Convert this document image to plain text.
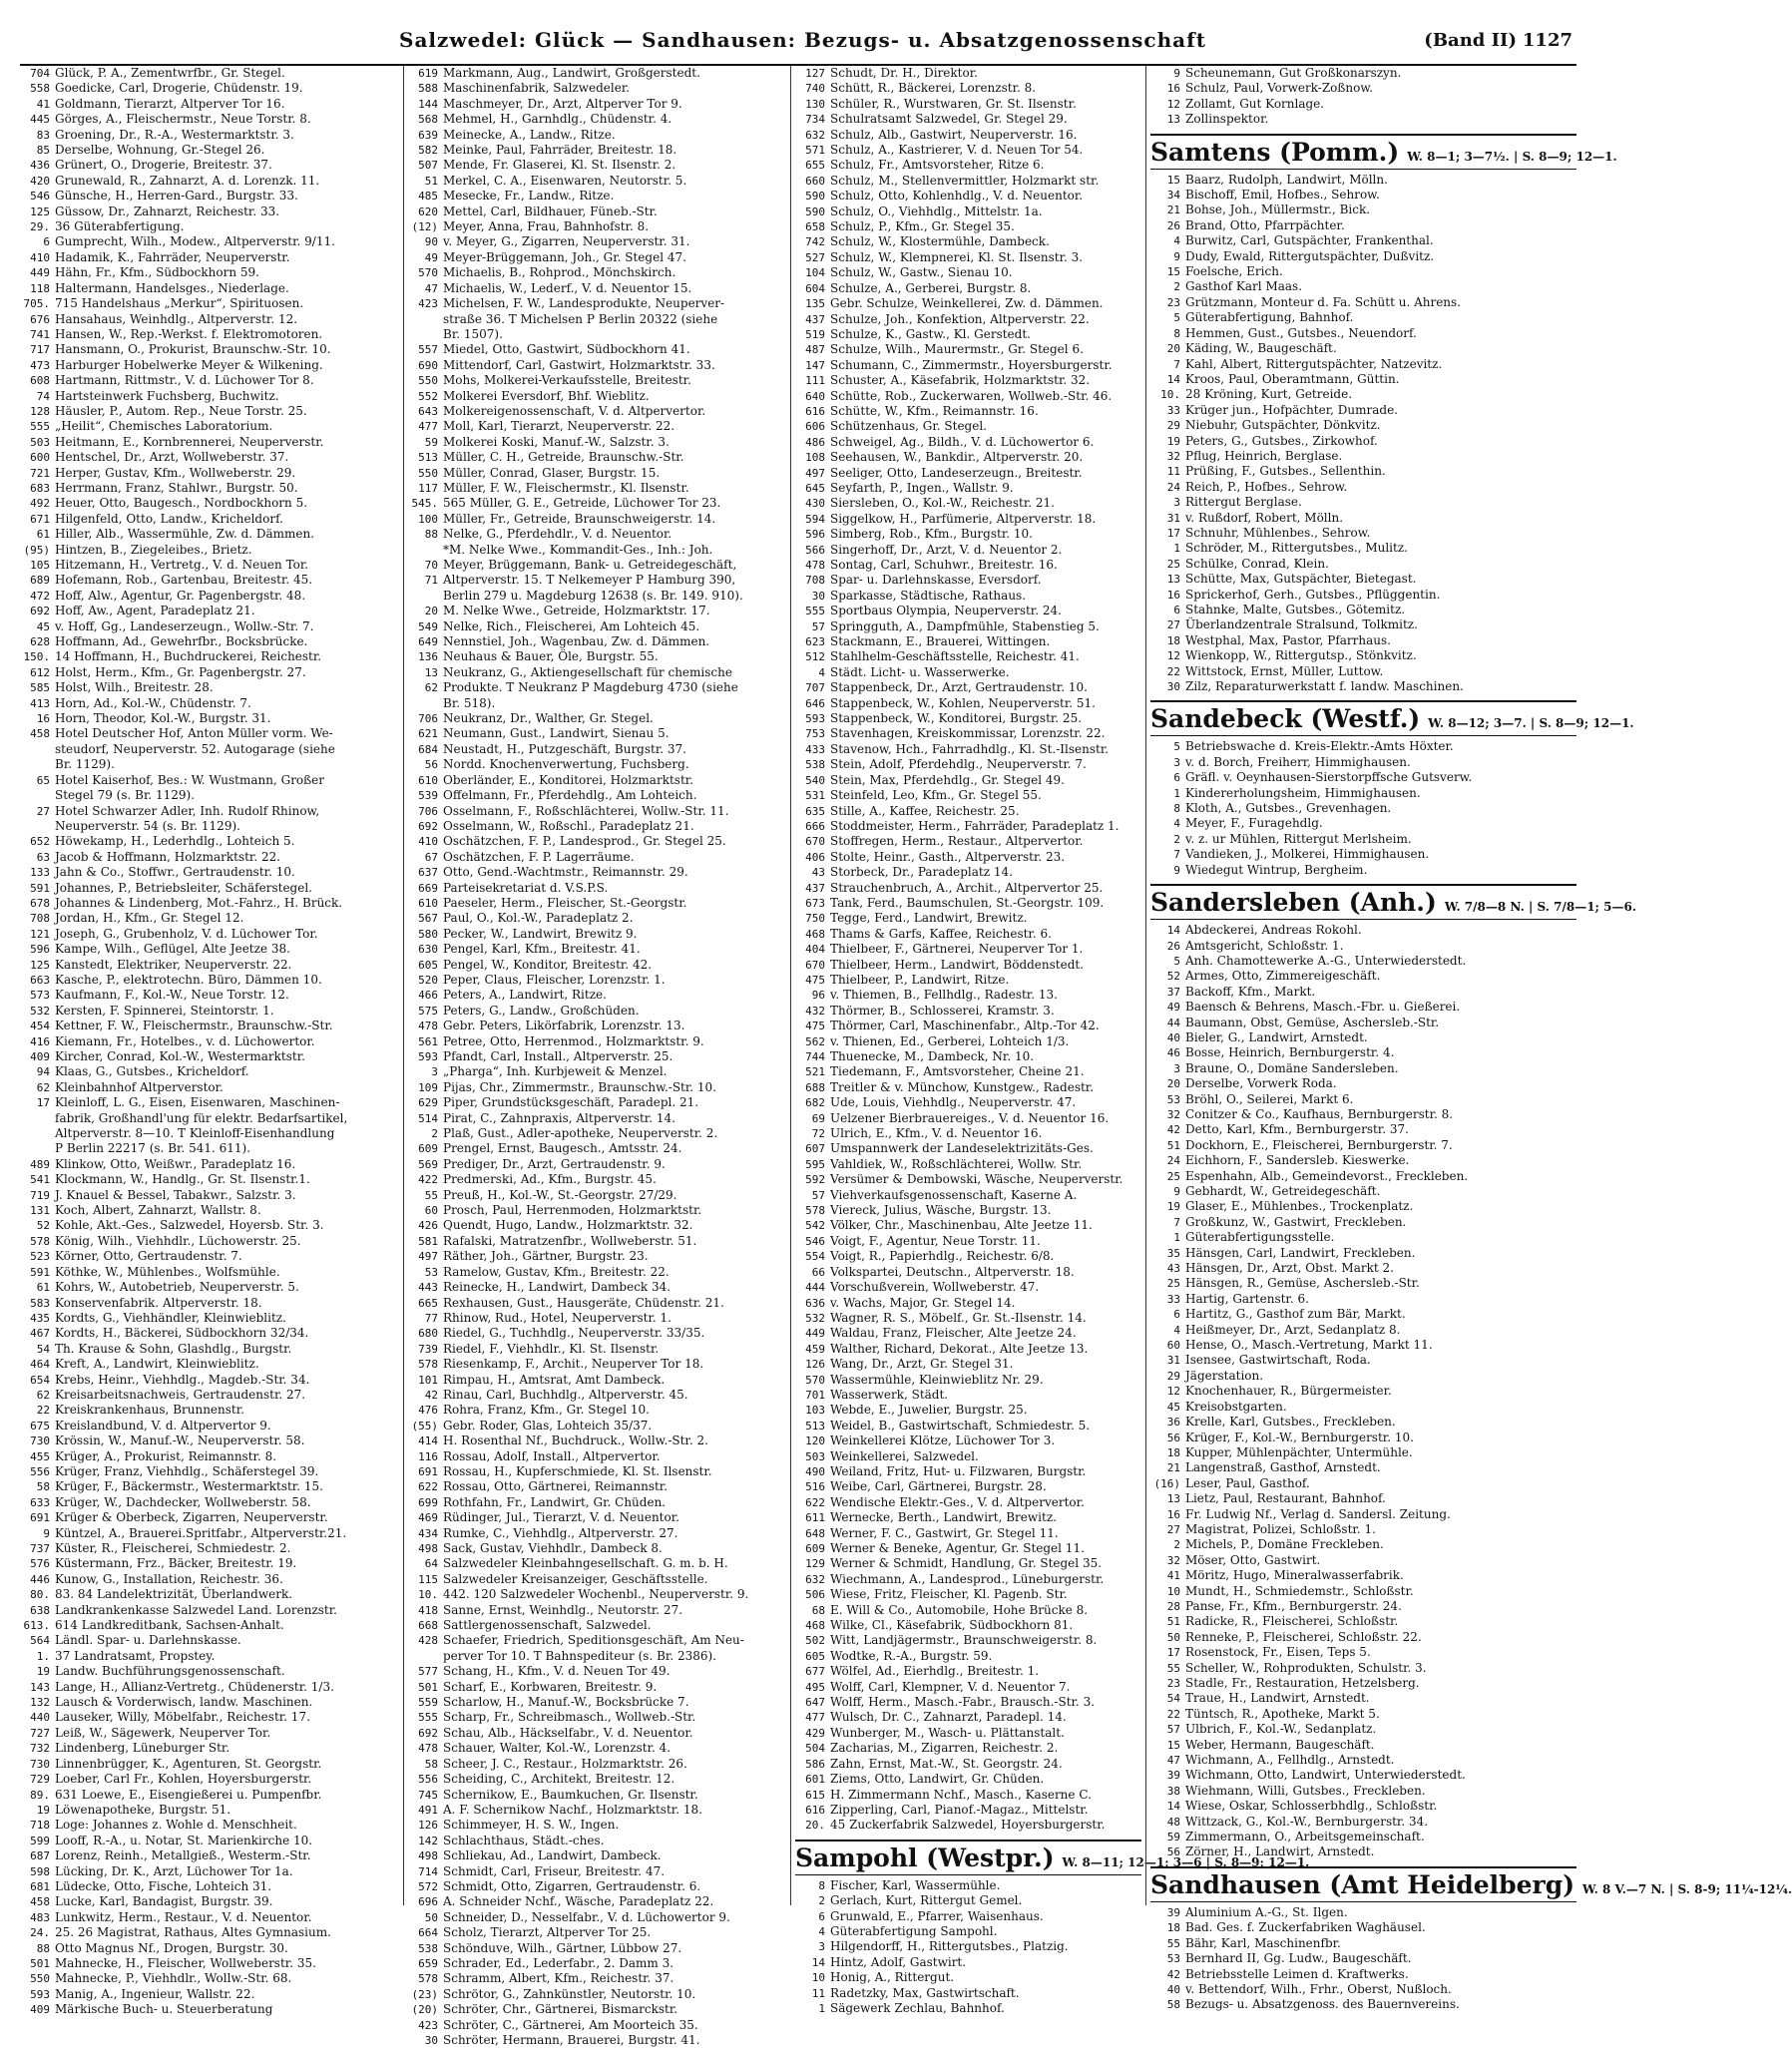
Salzwedel: Glück — Sandhausen: Bezugs- u. Absatzgenossenschaft	(Band II) 1127
704 Glück, P. A., Zementwrfbr., Gr. Stegel.
558 Goedicke, Carl, Drogerie, Chüdenstr. 19.
41 Goldmann, Tierarzt, Altperver Tor 16.
445 Görges, A., Fleischermstr., Neue Torstr. 8.
83 Groening, Dr., R.-A., Westermarktstr. 3.
85 Derselbe, Wohnung, Gr.-Stegel 26.
436 Grünert, O., Drogerie, Breitestr. 37.
420 Grunewald, R., Zahnarzt, A. d. Lorenzk. 11.
546 Günsche, H., Herren-Gard., Burgstr. 33.
125 Güssow, Dr., Zahnarzt, Reichestr. 33.
29. 36 Güterabfertigung.
6 Gumprecht, Wilh., Modew., Altperverstr. 9/11.
410 Hadamik, K., Fahrräder, Neuperverstr.
449 Hähn, Fr., Kfm., Südbockhorn 59.
118 Haltermann, Handelsges., Niederlage.
705. 715 Handelshaus „Merkur“, Spirituosen.
676 Hansahaus, Weinhdlg., Altperverstr. 12.
741 Hansen, W., Rep.-Werkst. f. Elektromotoren.
717 Hansmann, O., Prokurist, Braunschw.-Str. 10.
473 Harburger Hobelwerke Meyer & Wilkening.
608 Hartmann, Rittmstr., V. d. Lüchower Tor 8.
74 Hartsteinwerk Fuchsberg, Buchwitz.
128 Häusler, P., Autom. Rep., Neue Torstr. 25.
555 „Heilit“, Chemisches Laboratorium.
503 Heitmann, E., Kornbrennerei, Neuperverstr.
600 Hentschel, Dr., Arzt, Wollweberstr. 37.
721 Herper, Gustav, Kfm., Wollweberstr. 29.
683 Herrmann, Franz, Stahlwr., Burgstr. 50.
492 Heuer, Otto, Baugesch., Nordbockhorn 5.
671 Hilgenfeld, Otto, Landw., Kricheldorf.
61 Hiller, Alb., Wassermühle, Zw. d. Dämmen.
(95) Hintzen, B., Ziegeleibes., Brietz.
105 Hitzemann, H., Vertretg., V. d. Neuen Tor.
689 Hofemann, Rob., Gartenbau, Breitestr. 45.
472 Hoff, Alw., Agentur, Gr. Pagenbergstr. 48.
692 Hoff, Aw., Agent, Paradeplatz 21.
45 v. Hoff, Gg., Landeserzeugn., Wollw.-Str. 7.
628 Hoffmann, Ad., Gewehrfbr., Bocksbrücke.
150. 14 Hoffmann, H., Buchdruckerei, Reichestr.
612 Holst, Herm., Kfm., Gr. Pagenbergstr. 27.
585 Holst, Wilh., Breitestr. 28.
413 Horn, Ad., Kol.-W., Chüdenstr. 7.
16 Horn, Theodor, Kol.-W., Burgstr. 31.
458 Hotel Deutscher Hof, Anton Müller vorm. We-
steudorf, Neuperverstr. 52. Autogarage (siehe
Br. 1129).
65 Hotel Kaiserhof, Bes.: W. Wustmann, Großer
Stegel 79 (s. Br. 1129).
27 Hotel Schwarzer Adler, Inh. Rudolf Rhinow,
Neuperverstr. 54 (s. Br. 1129).
652 Höwekamp, H., Lederhdlg., Lohteich 5.
63 Jacob & Hoffmann, Holzmarktstr. 22.
133 Jahn & Co., Stoffwr., Gertraudenstr. 10.
591 Johannes, P., Betriebsleiter, Schäferstegel.
678 Johannes & Lindenberg, Mot.-Fahrz., H. Brück.
708 Jordan, H., Kfm., Gr. Stegel 12.
121 Joseph, G., Grubenholz, V. d. Lüchower Tor.
596 Kampe, Wilh., Geflügel, Alte Jeetze 38.
125 Kanstedt, Elektriker, Neuperverstr. 22.
663 Kasche, P., elektrotechn. Büro, Dämmen 10.
573 Kaufmann, F., Kol.-W., Neue Torstr. 12.
532 Kersten, F. Spinnerei, Steintorstr. 1.
454 Kettner, F. W., Fleischermstr., Braunschw.-Str.
416 Kiemann, Fr., Hotelbes., v. d. Lüchowertor.
409 Kircher, Conrad, Kol.-W., Westermarktstr.
94 Klaas, G., Gutsbes., Kricheldorf.
62 Kleinbahnhof Altperverstor.
17 Kleinloff, L. G., Eisen, Eisenwaren, Maschinen-
fabrik, Großhandl'ung für elektr. Bedarfsartikel,
Altperverstr. 8—10. T Kleinloff-Eisenhandlung
P Berlin 22217 (s. Br. 541. 611).
489 Klinkow, Otto, Weißwr., Paradeplatz 16.
541 Klockmann, W., Handlg., Gr. St. Ilsenstr.1.
719 J. Knauel & Bessel, Tabakwr., Salzstr. 3.
131 Koch, Albert, Zahnarzt, Wallstr. 8.
52 Kohle, Akt.-Ges., Salzwedel, Hoyersb. Str. 3.
578 König, Wilh., Viehhdlr., Lüchowerstr. 25.
523 Körner, Otto, Gertraudenstr. 7.
591 Köthke, W., Mühlenbes., Wolfsmühle.
61 Kohrs, W., Autobetrieb, Neuperverstr. 5.
583 Konservenfabrik. Altperverstr. 18.
435 Kordts, G., Viehhändler, Kleinwieblitz.
467 Kordts, H., Bäckerei, Südbockhorn 32/34.
54 Th. Krause & Sohn, Glashdlg., Burgstr.
464 Kreft, A., Landwirt, Kleinwieblitz.
654 Krebs, Heinr., Viehhdlg., Magdeb.-Str. 34.
62 Kreisarbeitsnachweis, Gertraudenstr. 27.
22 Kreiskrankenhaus, Brunnenstr.
675 Kreislandbund, V. d. Altpervertor 9.
730 Krössin, W., Manuf.-W., Neuperverstr. 58.
455 Krüger, A., Prokurist, Reimannstr. 8.
556 Krüger, Franz, Viehhdlg., Schäferstegel 39.
58 Krüger, F., Bäckermstr., Westermarktstr. 15.
633 Krüger, W., Dachdecker, Wollweberstr. 58.
691 Krüger & Oberbeck, Zigarren, Neuperverstr.
9 Küntzel, A., Brauerei.Spritfabr., Altperverstr.21.
737 Küster, R., Fleischerei, Schmiedestr. 2.
576 Küstermann, Frz., Bäcker, Breitestr. 19.
446 Kunow, G., Installation, Reichestr. 36.
80. 83. 84 Landelektrizität, Überlandwerk.
638 Landkrankenkasse Salzwedel Land. Lorenzstr.
613. 614 Landkreditbank, Sachsen-Anhalt.
564 Ländl. Spar- u. Darlehnskasse.
1. 37 Landratsamt, Propstey.
19 Landw. Buchführungsgenossenschaft.
143 Lange, H., Allianz-Vertretg., Chüdenerstr. 1/3.
132 Lausch & Vorderwisch, landw. Maschinen.
440 Lauseker, Willy, Möbelfabr., Reichestr. 17.
727 Leiß, W., Sägewerk, Neuperver Tor.
732 Lindenberg, Lüneburger Str.
730 Linnenbrügger, K., Agenturen, St. Georgstr.
729 Loeber, Carl Fr., Kohlen, Hoyersburgerstr.
89. 631 Loewe, E., Eisengießerei u. Pumpenfbr.
19 Löwenapotheke, Burgstr. 51.
718 Loge: Johannes z. Wohle d. Menschheit.
599 Looff, R.-A., u. Notar, St. Marienkirche 10.
687 Lorenz, Reinh., Metallgieß., Westerm.-Str.
598 Lücking, Dr. K., Arzt, Lüchower Tor 1a.
681 Lüdecke, Otto, Fische, Lohteich 31.
458 Lucke, Karl, Bandagist, Burgstr. 39.
483 Lunkwitz, Herm., Restaur., V. d. Neuentor.
24. 25. 26 Magistrat, Rathaus, Altes Gymnasium.
88 Otto Magnus Nf., Drogen, Burgstr. 30.
501 Mahnecke, H., Fleischer, Wollweberstr. 35.
550 Mahnecke, P., Viehhdlr., Wollw.-Str. 68.
593 Manig, A., Ingenieur, Wallstr. 22.
409 Märkische Buch- u. Steuerberatung
619 Markmann, Aug., Landwirt, Großgerstedt.
588 Maschinenfabrik, Salzwedeler.
144 Maschmeyer, Dr., Arzt, Altperver Tor 9.
568 Mehmel, H., Garnhdlg., Chüdenstr. 4.
639 Meinecke, A., Landw., Ritze.
582 Meinke, Paul, Fahrräder, Breitestr. 18.
507 Mende, Fr. Glaserei, Kl. St. Ilsenstr. 2.
51 Merkel, C. A., Eisenwaren, Neutorstr. 5.
485 Mesecke, Fr., Landw., Ritze.
620 Mettel, Carl, Bildhauer, Füneb.-Str.
(12) Meyer, Anna, Frau, Bahnhofstr. 8.
90 v. Meyer, G., Zigarren, Neuperverstr. 31.
49 Meyer-Brüggemann, Joh., Gr. Stegel 47.
570 Michaelis, B., Rohprod., Mönchskirch.
47 Michaelis, W., Lederf., V. d. Neuentor 15.
423 Michelsen, F. W., Landesprodukte, Neuperver-
straße 36. T Michelsen P Berlin 20322 (siehe
Br. 1507).
557 Miedel, Otto, Gastwirt, Südbockhorn 41.
690 Mittendorf, Carl, Gastwirt, Holzmarktstr. 33.
550 Mohs, Molkerei-Verkaufsstelle, Breitestr.
552 Molkerei Eversdorf, Bhf. Wieblitz.
643 Molkereigenossenschaft, V. d. Altpervertor.
477 Moll, Karl, Tierarzt, Neuperverstr. 22.
59 Molkerei Koski, Manuf.-W., Salzstr. 3.
513 Müller, C. H., Getreide, Braunschw.-Str.
550 Müller, Conrad, Glaser, Burgstr. 15.
117 Müller, F. W., Fleischermstr., Kl. Ilsenstr.
545. 565 Müller, G. E., Getreide, Lüchower Tor 23.
100 Müller, Fr., Getreide, Braunschweigerstr. 14.
88 Nelke, G., Pferdehdlr., V. d. Neuentor.
*M. Nelke Wwe., Kommandit-Ges., Inh.: Joh.
70 Meyer, Brüggemann, Bank- u. Getreidegeschäft,
71 Altperverstr. 15. T Nelkemeyer P Hamburg 390,
Berlin 279 u. Magdeburg 12638 (s. Br. 149. 910).
20 M. Nelke Wwe., Getreide, Holzmarktstr. 17.
549 Nelke, Rich., Fleischerei, Am Lohteich 45.
649 Nennstiel, Joh., Wagenbau, Zw. d. Dämmen.
136 Neuhaus & Bauer, Öle, Burgstr. 55.
13 Neukranz, G., Aktiengesellschaft für chemische
62 Produkte. T Neukranz P Magdeburg 4730 (siehe
Br. 518).
706 Neukranz, Dr., Walther, Gr. Stegel.
621 Neumann, Gust., Landwirt, Sienau 5.
684 Neustadt, H., Putzgeschäft, Burgstr. 37.
56 Nordd. Knochenverwertung, Fuchsberg.
610 Oberländer, E., Konditorei, Holzmarktstr.
539 Offelmann, Fr., Pferdehdlg., Am Lohteich.
706 Osselmann, F., Roßschlächterei, Wollw.-Str. 11.
692 Osselmann, W., Roßschl., Paradeplatz 21.
410 Oschätzchen, F. P., Landesprod., Gr. Stegel 25.
67 Oschätzchen, F. P. Lagerräume.
637 Otto, Gend.-Wachtmstr., Reimannstr. 29.
669 Parteisekretariat d. V.S.P.S.
610 Paeseler, Herm., Fleischer, St.-Georgstr.
567 Paul, O., Kol.-W., Paradeplatz 2.
580 Pecker, W., Landwirt, Brewitz 9.
630 Pengel, Karl, Kfm., Breitestr. 41.
605 Pengel, W., Konditor, Breitestr. 42.
520 Peper, Claus, Fleischer, Lorenzstr. 1.
466 Peters, A., Landwirt, Ritze.
575 Peters, G., Landw., Großchüden.
478 Gebr. Peters, Likörfabrik, Lorenzstr. 13.
561 Petree, Otto, Herrenmod., Holzmarktstr. 9.
593 Pfandt, Carl, Install., Altperverstr. 25.
3 „Pharga“, Inh. Kurbjeweit & Menzel.
109 Pijas, Chr., Zimmermstr., Braunschw.-Str. 10.
629 Piper, Grundstücksgeschäft, Paradepl. 21.
514 Pirat, C., Zahnpraxis, Altperverstr. 14.
2 Plaß, Gust., Adler-apotheke, Neuperverstr. 2.
609 Prengel, Ernst, Baugesch., Amtsstr. 24.
569 Prediger, Dr., Arzt, Gertraudenstr. 9.
422 Predmerski, Ad., Kfm., Burgstr. 45.
55 Preuß, H., Kol.-W., St.-Georgstr. 27/29.
60 Prosch, Paul, Herrenmoden, Holzmarktstr.
426 Quendt, Hugo, Landw., Holzmarktstr. 32.
581 Rafalski, Matratzenfbr., Wollweberstr. 51.
497 Räther, Joh., Gärtner, Burgstr. 23.
53 Ramelow, Gustav, Kfm., Breitestr. 22.
443 Reinecke, H., Landwirt, Dambeck 34.
665 Rexhausen, Gust., Hausgeräte, Chüdenstr. 21.
77 Rhinow, Rud., Hotel, Neuperverstr. 1.
680 Riedel, G., Tuchhdlg., Neuperverstr. 33/35.
739 Riedel, F., Viehhdlr., Kl. St. Ilsenstr.
578 Riesenkamp, F., Archit., Neuperver Tor 18.
101 Rimpau, H., Amtsrat, Amt Dambeck.
42 Rinau, Carl, Buchhdlg., Altperverstr. 45.
476 Rohra, Franz, Kfm., Gr. Stegel 10.
(55) Gebr. Roder, Glas, Lohteich 35/37.
414 H. Rosenthal Nf., Buchdruck., Wollw.-Str. 2.
116 Rossau, Adolf, Install., Altpervertor.
691 Rossau, H., Kupferschmiede, Kl. St. Ilsenstr.
622 Rossau, Otto, Gärtnerei, Reimannstr.
699 Rothfahn, Fr., Landwirt, Gr. Chüden.
469 Rüdinger, Jul., Tierarzt, V. d. Neuentor.
434 Rumke, C., Viehhdlg., Altperverstr. 27.
498 Sack, Gustav, Viehhdlr., Dambeck 8.
64 Salzwedeler Kleinbahngesellschaft. G. m. b. H.
115 Salzwedeler Kreisanzeiger, Geschäftsstelle.
10. 442. 120 Salzwedeler Wochenbl., Neuperverstr. 9.
418 Sanne, Ernst, Weinhdlg., Neutorstr. 27.
668 Sattlergenossenschaft, Salzwedel.
428 Schaefer, Friedrich, Speditionsgeschäft, Am Neu-
perver Tor 10. T Bahnspediteur (s. Br. 2386).
577 Schang, H., Kfm., V. d. Neuen Tor 49.
501 Scharf, E., Korbwaren, Breitestr. 9.
559 Scharlow, H., Manuf.-W., Bocksbrücke 7.
555 Scharp, Fr., Schreibmasch., Wollweb.-Str.
692 Schau, Alb., Häckselfabr., V. d. Neuentor.
478 Schauer, Walter, Kol.-W., Lorenzstr. 4.
58 Scheer, J. C., Restaur., Holzmarktstr. 26.
556 Scheiding, C., Architekt, Breitestr. 12.
745 Schernikow, E., Baumkuchen, Gr. Ilsenstr.
491 A. F. Schernikow Nachf., Holzmarktstr. 18.
126 Schimmeyer, H. S. W., Ingen.
142 Schlachthaus, Städt.-ches.
498 Schliekau, Ad., Landwirt, Dambeck.
714 Schmidt, Carl, Friseur, Breitestr. 47.
572 Schmidt, Otto, Zigarren, Gertraudenstr. 6.
696 A. Schneider Nchf., Wäsche, Paradeplatz 22.
50 Schneider, D., Nesselfabr., V. d. Lüchowertor 9.
664 Scholz, Tierarzt, Altperver Tor 25.
538 Schönduve, Wilh., Gärtner, Lübbow 27.
659 Schrader, Ed., Lederfabr., 2. Damm 3.
578 Schramm, Albert, Kfm., Reichestr. 37.
(23) Schrötor, G., Zahnkünstler, Neutorstr. 10.
(20) Schröter, Chr., Gärtnerei, Bismarckstr.
423 Schröter, C., Gärtnerei, Am Moorteich 35.
30 Schröter, Hermann, Brauerei, Burgstr. 41.
127 Schudt, Dr. H., Direktor.
740 Schütt, R., Bäckerei, Lorenzstr. 8.
130 Schüler, R., Wurstwaren, Gr. St. Ilsenstr.
734 Schulratsamt Salzwedel, Gr. Stegel 29.
632 Schulz, Alb., Gastwirt, Neuperverstr. 16.
571 Schulz, A., Kastrierer, V. d. Neuen Tor 54.
655 Schulz, Fr., Amtsvorsteher, Ritze 6.
660 Schulz, M., Stellenvermittler, Holzmarkt str.
590 Schulz, Otto, Kohlenhdlg., V. d. Neuentor.
590 Schulz, O., Viehhdlg., Mittelstr. 1a.
658 Schulz, P., Kfm., Gr. Stegel 35.
742 Schulz, W., Klostermühle, Dambeck.
527 Schulz, W., Klempnerei, Kl. St. Ilsenstr. 3.
104 Schulz, W., Gastw., Sienau 10.
604 Schulze, A., Gerberei, Burgstr. 8.
135 Gebr. Schulze, Weinkellerei, Zw. d. Dämmen.
437 Schulze, Joh., Konfektion, Altperverstr. 22.
519 Schulze, K., Gastw., Kl. Gerstedt.
487 Schulze, Wilh., Maurermstr., Gr. Stegel 6.
147 Schumann, C., Zimmermstr., Hoyersburgerstr.
111 Schuster, A., Käsefabrik, Holzmarktstr. 32.
640 Schütte, Rob., Zuckerwaren, Wollweb.-Str. 46.
616 Schütte, W., Kfm., Reimannstr. 16.
606 Schützenhaus, Gr. Stegel.
486 Schweigel, Ag., Bildh., V. d. Lüchowertor 6.
108 Seehausen, W., Bankdir., Altperverstr. 20.
497 Seeliger, Otto, Landeserzeugn., Breitestr.
645 Seyfarth, P., Ingen., Wallstr. 9.
430 Siersleben, O., Kol.-W., Reichestr. 21.
594 Siggelkow, H., Parfümerie, Altperverstr. 18.
596 Simberg, Rob., Kfm., Burgstr. 10.
566 Singerhoff, Dr., Arzt, V. d. Neuentor 2.
478 Sontag, Carl, Schuhwr., Breitestr. 16.
708 Spar- u. Darlehnskasse, Eversdorf.
30 Sparkasse, Städtische, Rathaus.
555 Sportbaus Olympia, Neuperverstr. 24.
57 Springguth, A., Dampfmühle, Stabenstieg 5.
623 Stackmann, E., Brauerei, Wittingen.
512 Stahlhelm-Geschäftsstelle, Reichestr. 41.
4 Städt. Licht- u. Wasserwerke.
707 Stappenbeck, Dr., Arzt, Gertraudenstr. 10.
646 Stappenbeck, W., Kohlen, Neuperverstr. 51.
593 Stappenbeck, W., Konditorei, Burgstr. 25.
753 Stavenhagen, Kreiskommissar, Lorenzstr. 22.
433 Stavenow, Hch., Fahrradhdlg., Kl. St.-Ilsenstr.
538 Stein, Adolf, Pferdehdlg., Neuperverstr. 7.
540 Stein, Max, Pferdehdlg., Gr. Stegel 49.
531 Steinfeld, Leo, Kfm., Gr. Stegel 55.
635 Stille, A., Kaffee, Reichestr. 25.
666 Stoddmeister, Herm., Fahrräder, Paradeplatz 1.
670 Stoffregen, Herm., Restaur., Altpervertor.
406 Stolte, Heinr., Gasth., Altperverstr. 23.
43 Storbeck, Dr., Paradeplatz 14.
437 Strauchenbruch, A., Archit., Altpervertor 25.
673 Tank, Ferd., Baumschulen, St.-Georgstr. 109.
750 Tegge, Ferd., Landwirt, Brewitz.
468 Thams & Garfs, Kaffee, Reichestr. 6.
404 Thielbeer, F., Gärtnerei, Neuperver Tor 1.
670 Thielbeer, Herm., Landwirt, Böddenstedt.
475 Thielbeer, P., Landwirt, Ritze.
96 v. Thiemen, B., Fellhdlg., Radestr. 13.
432 Thörmer, B., Schlosserei, Kramstr. 3.
475 Thörmer, Carl, Maschinenfabr., Altp.-Tor 42.
562 v. Thienen, Ed., Gerberei, Lohteich 1/3.
744 Thuenecke, M., Dambeck, Nr. 10.
521 Tiedemann, F., Amtsvorsteher, Cheine 21.
688 Treitler & v. Münchow, Kunstgew., Radestr.
682 Ude, Louis, Viehhdlg., Neuperverstr. 47.
69 Uelzener Bierbrauereiges., V. d. Neuentor 16.
72 Ulrich, E., Kfm., V. d. Neuentor 16.
607 Umspannwerk der Landeselektrizitäts-Ges.
595 Vahldiek, W., Roßschlächterei, Wollw. Str.
592 Versümer & Dembowski, Wäsche, Neuperverstr.
57 Viehverkaufsgenossenschaft, Kaserne A.
578 Viereck, Julius, Wäsche, Burgstr. 13.
542 Völker, Chr., Maschinenbau, Alte Jeetze 11.
546 Voigt, F., Agentur, Neue Torstr. 11.
554 Voigt, R., Papierhdlg., Reichestr. 6/8.
66 Volkspartei, Deutschn., Altperverstr. 18.
444 Vorschußverein, Wollweberstr. 47.
636 v. Wachs, Major, Gr. Stegel 14.
532 Wagner, R. S., Möbelf., Gr. St.-Ilsenstr. 14.
449 Waldau, Franz, Fleischer, Alte Jeetze 24.
459 Walther, Richard, Dekorat., Alte Jeetze 13.
126 Wang, Dr., Arzt, Gr. Stegel 31.
570 Wassermühle, Kleinwieblitz Nr. 29.
701 Wasserwerk, Städt.
103 Webde, E., Juwelier, Burgstr. 25.
513 Weidel, B., Gastwirtschaft, Schmiedestr. 5.
120 Weinkellerei Klötze, Lüchower Tor 3.
503 Weinkellerei, Salzwedel.
490 Weiland, Fritz, Hut- u. Filzwaren, Burgstr.
516 Weibe, Carl, Gärtnerei, Burgstr. 28.
622 Wendische Elektr.-Ges., V. d. Altpervertor.
611 Wernecke, Berth., Landwirt, Brewitz.
648 Werner, F. C., Gastwirt, Gr. Stegel 11.
609 Werner & Beneke, Agentur, Gr. Stegel 11.
129 Werner & Schmidt, Handlung, Gr. Stegel 35.
632 Wiechmann, A., Landesprod., Lüneburgerstr.
506 Wiese, Fritz, Fleischer, Kl. Pagenb. Str.
68 E. Will & Co., Automobile, Hohe Brücke 8.
468 Wilke, Cl., Käsefabrik, Südbockhorn 81.
502 Witt, Landjägermstr., Braunschweigerstr. 8.
605 Wodtke, R.-A., Burgstr. 59.
677 Wölfel, Ad., Eierhdlg., Breitestr. 1.
495 Wolff, Carl, Klempner, V. d. Neuentor 7.
647 Wolff, Herm., Masch.-Fabr., Brausch.-Str. 3.
477 Wulsch, Dr. C., Zahnarzt, Paradepl. 14.
429 Wunberger, M., Wasch- u. Plättanstalt.
504 Zacharias, M., Zigarren, Reichestr. 2.
586 Zahn, Ernst, Mat.-W., St. Georgstr. 24.
601 Ziems, Otto, Landwirt, Gr. Chüden.
615 H. Zimmermann Nchf., Masch., Kaserne C.
616 Zipperling, Carl, Pianof.-Magaz., Mittelstr.
20. 45 Zuckerfabrik Salzwedel, Hoyersburgerstr.
Sampohl (Westpr.) W. 8—11; 12—1; 3—6 | S. 8—9; 12—1.
8 Fischer, Karl, Wassermühle.
2 Gerlach, Kurt, Rittergut Gemel.
6 Grunwald, E., Pfarrer, Waisenhaus.
4 Güterabfertigung Sampohl.
3 Hilgendorff, H., Rittergutsbes., Platzig.
14 Hintz, Adolf, Gastwirt.
10 Honig, A., Rittergut.
11 Radetzky, Max, Gastwirtschaft.
1 Sägewerk Zechlau, Bahnhof.
9 Scheunemann, Gut Großkonarszyn.
16 Schulz, Paul, Vorwerk-Zoßnow.
12 Zollamt, Gut Kornlage.
13 Zollinspektor.
Samtens (Pomm.) W. 8—1; 3—7½. | S. 8—9; 12—1.
15 Baarz, Rudolph, Landwirt, Mölln.
34 Bischoff, Emil, Hofbes., Sehrow.
21 Bohse, Joh., Müllermstr., Bick.
26 Brand, Otto, Pfarrpächter.
4 Burwitz, Carl, Gutspächter, Frankenthal.
9 Dudy, Ewald, Rittergutspächter, Dußvitz.
15 Foelsche, Erich.
2 Gasthof Karl Maas.
23 Grützmann, Monteur d. Fa. Schütt u. Ahrens.
5 Güterabfertigung, Bahnhof.
8 Hemmen, Gust., Gutsbes., Neuendorf.
20 Käding, W., Baugeschäft.
7 Kahl, Albert, Rittergutspächter, Natzevitz.
14 Kroos, Paul, Oberamtmann, Güttin.
10. 28 Kröning, Kurt, Getreide.
33 Krüger jun., Hofpächter, Dumrade.
29 Niebuhr, Gutspächter, Dönkvitz.
19 Peters, G., Gutsbes., Zirkowhof.
32 Pflug, Heinrich, Berglase.
11 Prüßing, F., Gutsbes., Sellenthin.
24 Reich, P., Hofbes., Sehrow.
3 Rittergut Berglase.
31 v. Rußdorf, Robert, Mölln.
17 Schnuhr, Mühlenbes., Sehrow.
1 Schröder, M., Rittergutsbes., Mulitz.
25 Schülke, Conrad, Klein.
13 Schütte, Max, Gutspächter, Bietegast.
16 Sprickerhof, Gerh., Gutsbes., Pflüggentin.
6 Stahnke, Malte, Gutsbes., Götemitz.
27 Überlandzentrale Stralsund, Tolkmitz.
18 Westphal, Max, Pastor, Pfarrhaus.
12 Wienkopp, W., Rittergutsp., Stönkvitz.
22 Wittstock, Ernst, Müller, Luttow.
30 Zilz, Reparaturwerkstatt f. landw. Maschinen.
Sandebeck (Westf.) W. 8—12; 3—7. | S. 8—9; 12—1.
5 Betriebswache d. Kreis-Elektr.-Amts Höxter.
3 v. d. Borch, Freiherr, Himmighausen.
6 Gräfl. v. Oeynhausen-Sierstorpffsche Gutsverw.
1 Kindererholungsheim, Himmighausen.
8 Kloth, A., Gutsbes., Grevenhagen.
4 Meyer, F., Furagehdlg.
2 v. z. ur Mühlen, Rittergut Merlsheim.
7 Vandieken, J., Molkerei, Himmighausen.
9 Wiedegut Wintrup, Bergheim.
Sandersleben (Anh.) W. 7/8—8 N. | S. 7/8—1; 5—6.
14 Abdeckerei, Andreas Rokohl.
26 Amtsgericht, Schloßstr. 1.
5 Anh. Chamottewerke A.-G., Unterwiederstedt.
52 Armes, Otto, Zimmereigeschäft.
37 Backoff, Kfm., Markt.
49 Baensch & Behrens, Masch.-Fbr. u. Gießerei.
44 Baumann, Obst, Gemüse, Aschersleb.-Str.
40 Bieler, G., Landwirt, Arnstedt.
46 Bosse, Heinrich, Bernburgerstr. 4.
3 Braune, O., Domäne Sandersleben.
20 Derselbe, Vorwerk Roda.
53 Bröhl, O., Seilerei, Markt 6.
32 Conitzer & Co., Kaufhaus, Bernburgerstr. 8.
42 Detto, Karl, Kfm., Bernburgerstr. 37.
51 Dockhorn, E., Fleischerei, Bernburgerstr. 7.
24 Eichhorn, F., Sandersleb. Kieswerke.
25 Espenhahn, Alb., Gemeindevorst., Freckleben.
9 Gebhardt, W., Getreidegeschäft.
19 Glaser, E., Mühlenbes., Trockenplatz.
7 Großkunz, W., Gastwirt, Freckleben.
1 Güterabfertigungsstelle.
35 Hänsgen, Carl, Landwirt, Freckleben.
43 Hänsgen, Dr., Arzt, Obst. Markt 2.
25 Hänsgen, R., Gemüse, Aschersleb.-Str.
33 Hartig, Gartenstr. 6.
6 Hartitz, G., Gasthof zum Bär, Markt.
4 Heißmeyer, Dr., Arzt, Sedanplatz 8.
60 Hense, O., Masch.-Vertretung, Markt 11.
31 Isensee, Gastwirtschaft, Roda.
29 Jägerstation.
12 Knochenhauer, R., Bürgermeister.
45 Kreisobstgarten.
36 Krelle, Karl, Gutsbes., Freckleben.
56 Krüger, F., Kol.-W., Bernburgerstr. 10.
18 Kupper, Mühlenpächter, Untermühle.
21 Langenstraß, Gasthof, Arnstedt.
(16) Leser, Paul, Gasthof.
13 Lietz, Paul, Restaurant, Bahnhof.
16 Fr. Ludwig Nf., Verlag d. Sandersl. Zeitung.
27 Magistrat, Polizei, Schloßstr. 1.
2 Michels, P., Domäne Freckleben.
32 Möser, Otto, Gastwirt.
41 Möritz, Hugo, Mineralwasserfabrik.
10 Mundt, H., Schmiedemstr., Schloßstr.
28 Panse, Fr., Kfm., Bernburgerstr. 24.
51 Radicke, R., Fleischerei, Schloßstr.
50 Renneke, P., Fleischerei, Schloßstr. 22.
17 Rosenstock, Fr., Eisen, Teps 5.
55 Scheller, W., Rohprodukten, Schulstr. 3.
23 Stadle, Fr., Restauration, Hetzelsberg.
54 Traue, H., Landwirt, Arnstedt.
22 Tüntsch, R., Apotheke, Markt 5.
57 Ulbrich, F., Kol.-W., Sedanplatz.
15 Weber, Hermann, Baugeschäft.
47 Wichmann, A., Fellhdlg., Arnstedt.
39 Wichmann, Otto, Landwirt, Unterwiederstedt.
38 Wiehmann, Willi, Gutsbes., Freckleben.
14 Wiese, Oskar, Schlosserbhdlg., Schloßstr.
48 Wittzack, G., Kol.-W., Bernburgerstr. 34.
59 Zimmermann, O., Arbeitsgemeinschaft.
56 Zörner, H., Landwirt, Arnstedt.
Sandhausen (Amt Heidelberg) W. 8 V.—7 N. | S. 8-9; 11¼-12¼.
39 Aluminium A.-G., St. Ilgen.
18 Bad. Ges. f. Zuckerfabriken Waghäusel.
55 Bähr, Karl, Maschinenfbr.
53 Bernhard II, Gg. Ludw., Baugeschäft.
42 Betriebsstelle Leimen d. Kraftwerks.
40 v. Bettendorf, Wilh., Frhr., Oberst, Nußloch.
58 Bezugs- u. Absatzgenoss. des Bauernvereins.
